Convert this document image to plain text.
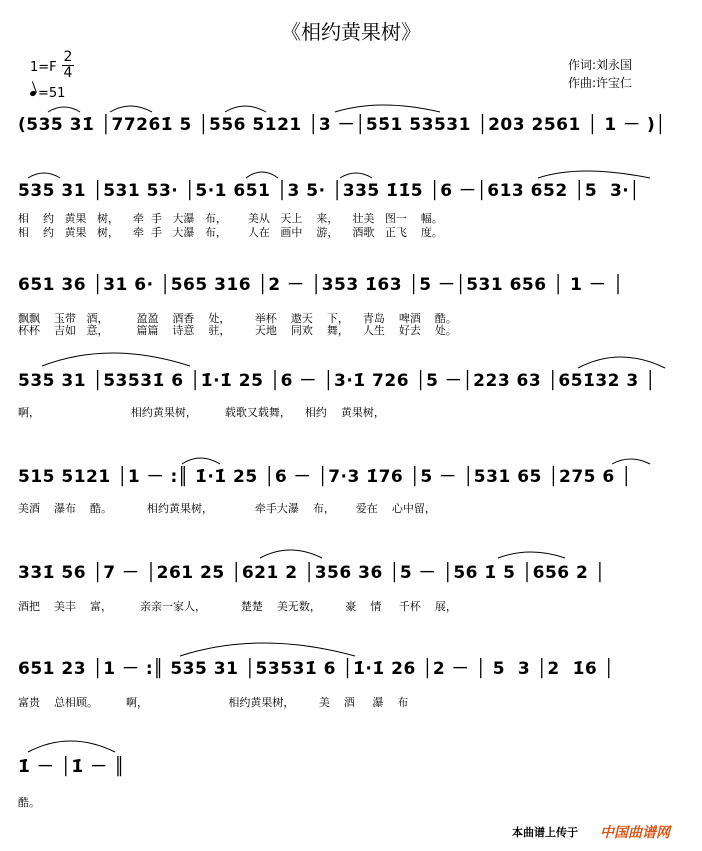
《相约黄果树》
1=F
2
4
=51
作词:刘永国
作曲:许宝仁
(535 31̇ │7726̇1̇ 5 │556 5121 │3 －│55̇1 53531 │203 2561 │ 1 － )│
535 31 │531 53· │5·1 651 │3 5· │335 1̇1̇5 │6 －│613 652 │5  3·│
相    约   黄果   树，    牵  手   大瀑   布，      美从   天上    来，    壮美   图一    幅。
相    约   黄果   树，    牵  手   大瀑   布，      人在   画中    游，    酒歌   正飞    度。
651 36 │31 6· │565 316 │2 － │353 1̇63 │5 －│531 656 │ 1 － │
飘飘    玉带   酒，        盈盈    酒香    处，       举杯    遨天    下，    青岛    啤酒    酷。
杯杯    吉如   意，        篇篇    诗意    驻，       天地    同欢    舞，    人生    好去    处。
535 31 │53531̇ 6 │1̇·1̇ 25 │6 － │3·1̇ 726 │5 －│223 63 │651̇32 3 │
啊，                          相约黄果树，        载歌又载舞，    相约    黄果树，
515 5121 │1 － :║ 1̇·1̇ 25 │6 － │7·3 1̇76 │5 － │531 65 │275 6 │
美酒    瀑布    酷。          相约黄果树，            牵手大瀑    布，      爱在    心中留，
331̇ 56 │7 － │261 25 │621 2 │356 36 │5 － │56 1̇ 5 │656 2 │
酒把    美丰    富，        亲亲一家人，          楚楚    美无数，       豪    情     千杯    展，
651 23 │1 － :║ 535 31 │53531̇ 6 │1̇·1̇ 26 │2 － │ 5  3 │2  1̇6 │
富贵    总相顾。        啊，                       相约黄果树，       美    酒     瀑    布
1̇ － │1̇ － ║
酷。
本曲谱上传于 中国曲谱网
